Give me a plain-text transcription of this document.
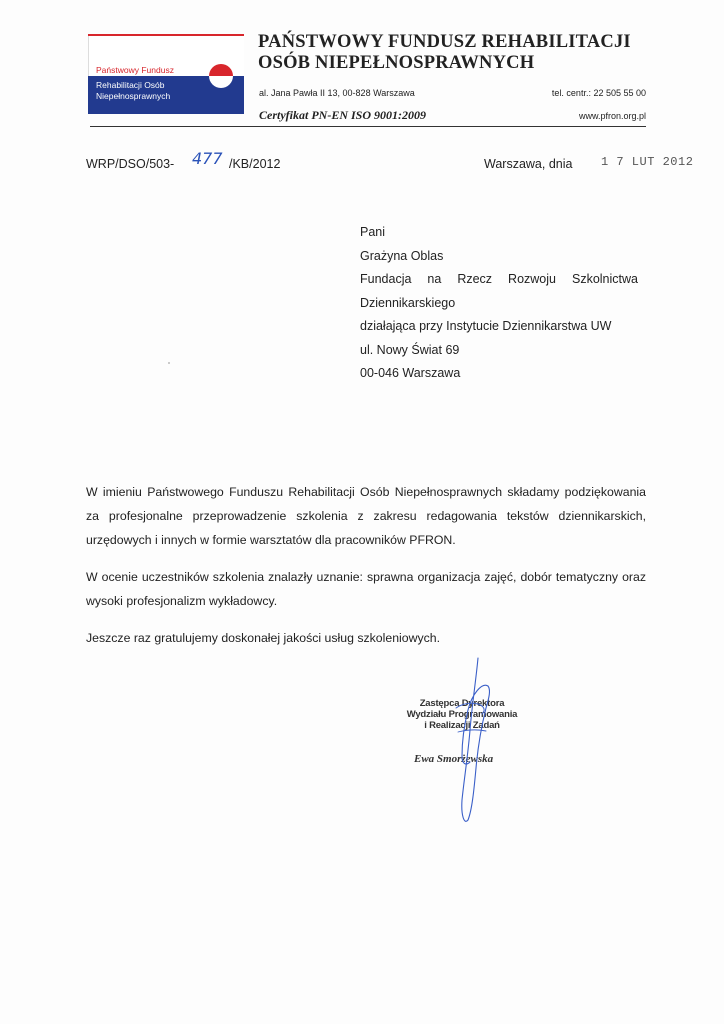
Państwowy Fundusz
Rehabilitacji Osób Niepełnosprawnych
PAŃSTWOWY FUNDUSZ REHABILITACJI
OSÓB NIEPEŁNOSPRAWNYCH
al. Jana Pawła II 13, 00-828 Warszawa	tel. centr.: 22 505 55 00
Certyfikat PN-EN ISO 9001:2009	www.pfron.org.pl
WRP/DSO/503- 477 /KB/2012	Warszawa, dnia 1 7 LUT 2012
Pani
Grażyna Oblas
Fundacja na Rzecz Rozwoju Szkolnictwa
Dziennikarskiego
działająca przy Instytucie Dziennikarstwa UW
ul. Nowy Świat 69
00-046 Warszawa

W imieniu Państwowego Funduszu Rehabilitacji Osób Niepełnosprawnych składamy podziękowania za profesjonalne przeprowadzenie szkolenia z zakresu redagowania tekstów dziennikarskich, urzędowych i innych w formie warsztatów dla pracowników PFRON.

W ocenie uczestników szkolenia znalazły uznanie: sprawna organizacja zajęć, dobór tematyczny oraz wysoki profesjonalizm wykładowcy.

Jeszcze raz gratulujemy doskonałej jakości usług szkoleniowych.

Zastępca Dyrektora
Wydziału Programowania
i Realizacji Zadań
Ewa Smorżewska
